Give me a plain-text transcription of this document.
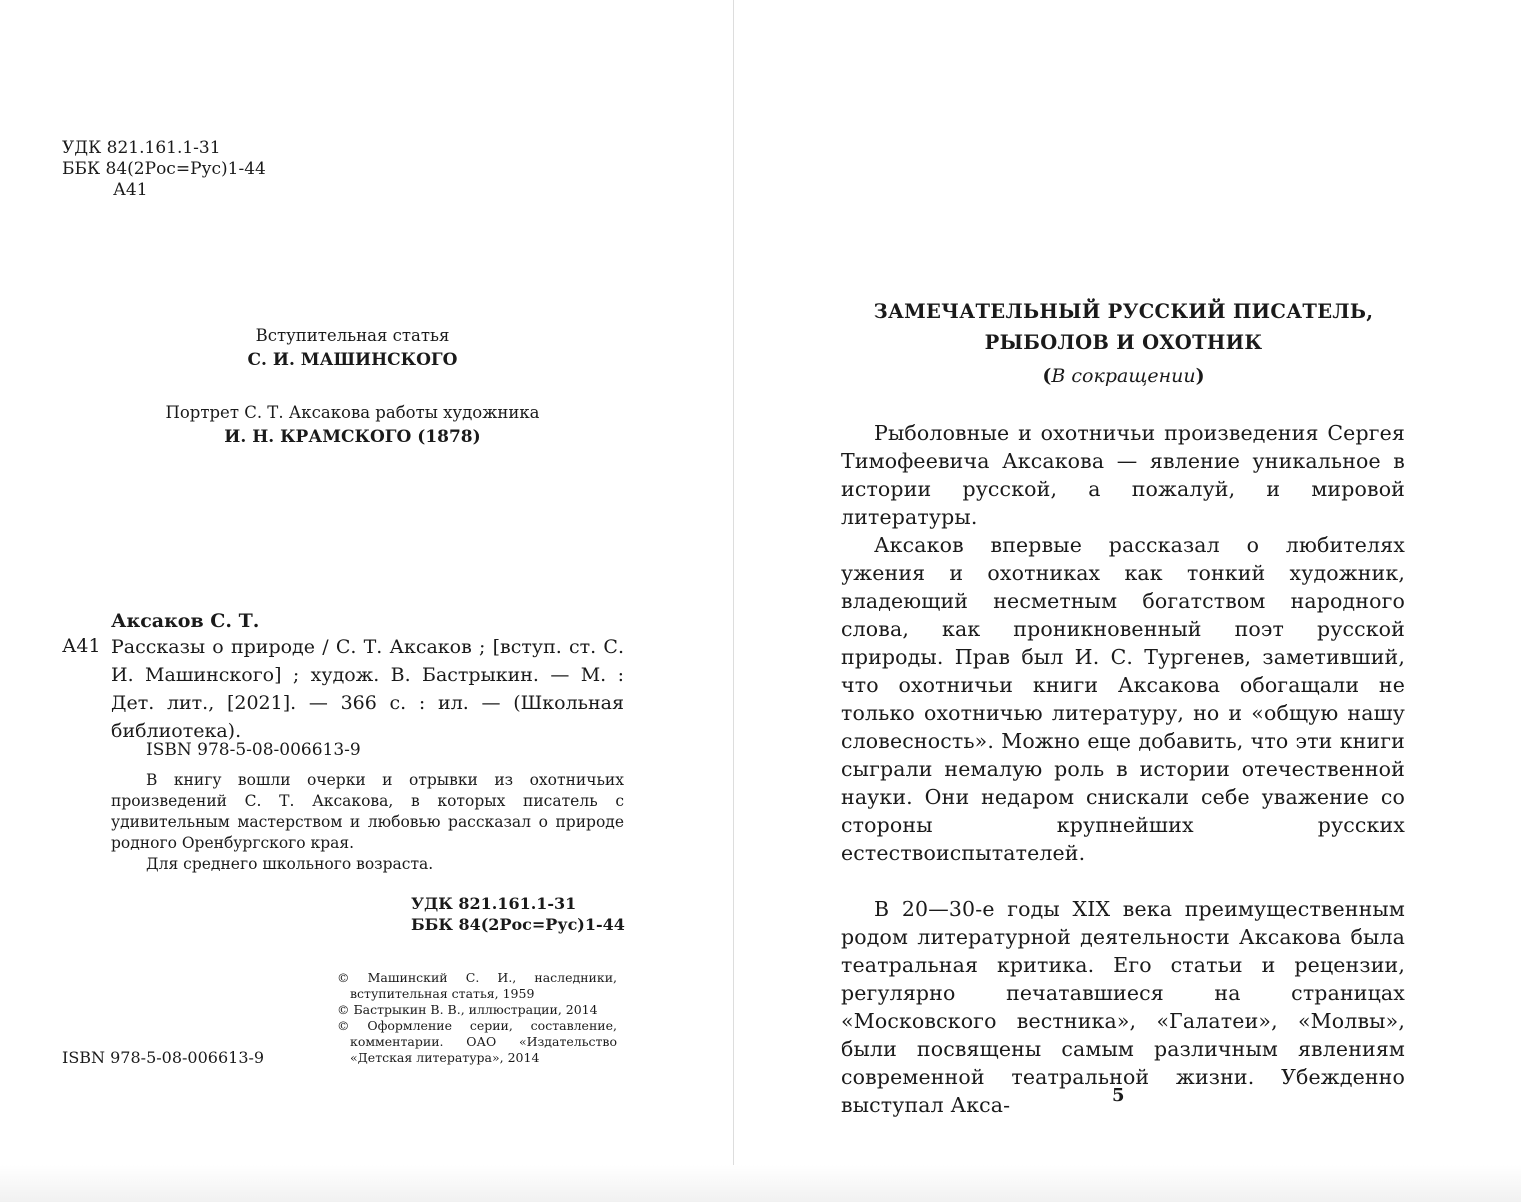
УДК 821.161.1-31
ББК 84(2Рос=Рус)1-44
А41
Вступительная статья
С. И. МАШИНСКОГО
Портрет С. Т. Аксакова работы художника
И. Н. КРАМСКОГО (1878)
Аксаков С. Т.
А41 Рассказы о природе / С. Т. Аксаков ; [вступ. ст. С. И. Машинского] ; худож. В. Бастрыкин. — М. : Дет. лит., [2021]. — 366 с. : ил. — (Школьная библиотека).
ISBN 978-5-08-006613-9

В книгу вошли очерки и отрывки из охотничьих произведений С. Т. Аксакова, в которых писатель с удивительным мастерством и любовью рассказал о природе родного Оренбургского края.

Для среднего школьного возраста.

УДК 821.161.1-31
ББК 84(2Рос=Рус)1-44
© Машинский С. И., наследники, вступительная статья, 1959
© Бастрыкин В. В., иллюстрации, 2014
© Оформление серии, составление, комментарии. ОАО «Издательство «Детская литература», 2014
ISBN 978-5-08-006613-9
ЗАМЕЧАТЕЛЬНЫЙ РУССКИЙ ПИСАТЕЛЬ,
РЫБОЛОВ И ОХОТНИК
(В сокращении)

Рыболовные и охотничьи произведения Сергея Тимофеевича Аксакова — явление уникальное в истории русской, а пожалуй, и мировой литературы.

Аксаков впервые рассказал о любителях ужения и охотниках как тонкий художник, владеющий несметным богатством народного слова, как проникновенный поэт русской природы. Прав был И. С. Тургенев, заметивший, что охотничьи книги Аксакова обогащали не только охотничью литературу, но и «общую нашу словесность». Можно еще добавить, что эти книги сыграли немалую роль в истории отечественной науки. Они недаром снискали себе уважение со стороны крупнейших русских естествоиспытателей.

В 20—30-е годы XIX века преимущественным родом литературной деятельности Аксакова была театральная критика. Его статьи и рецензии, регулярно печатавшиеся на страницах «Московского вестника», «Галатеи», «Молвы», были посвящены самым различным явлениям современной театральной жизни. Убежденно выступал Акса-	5
